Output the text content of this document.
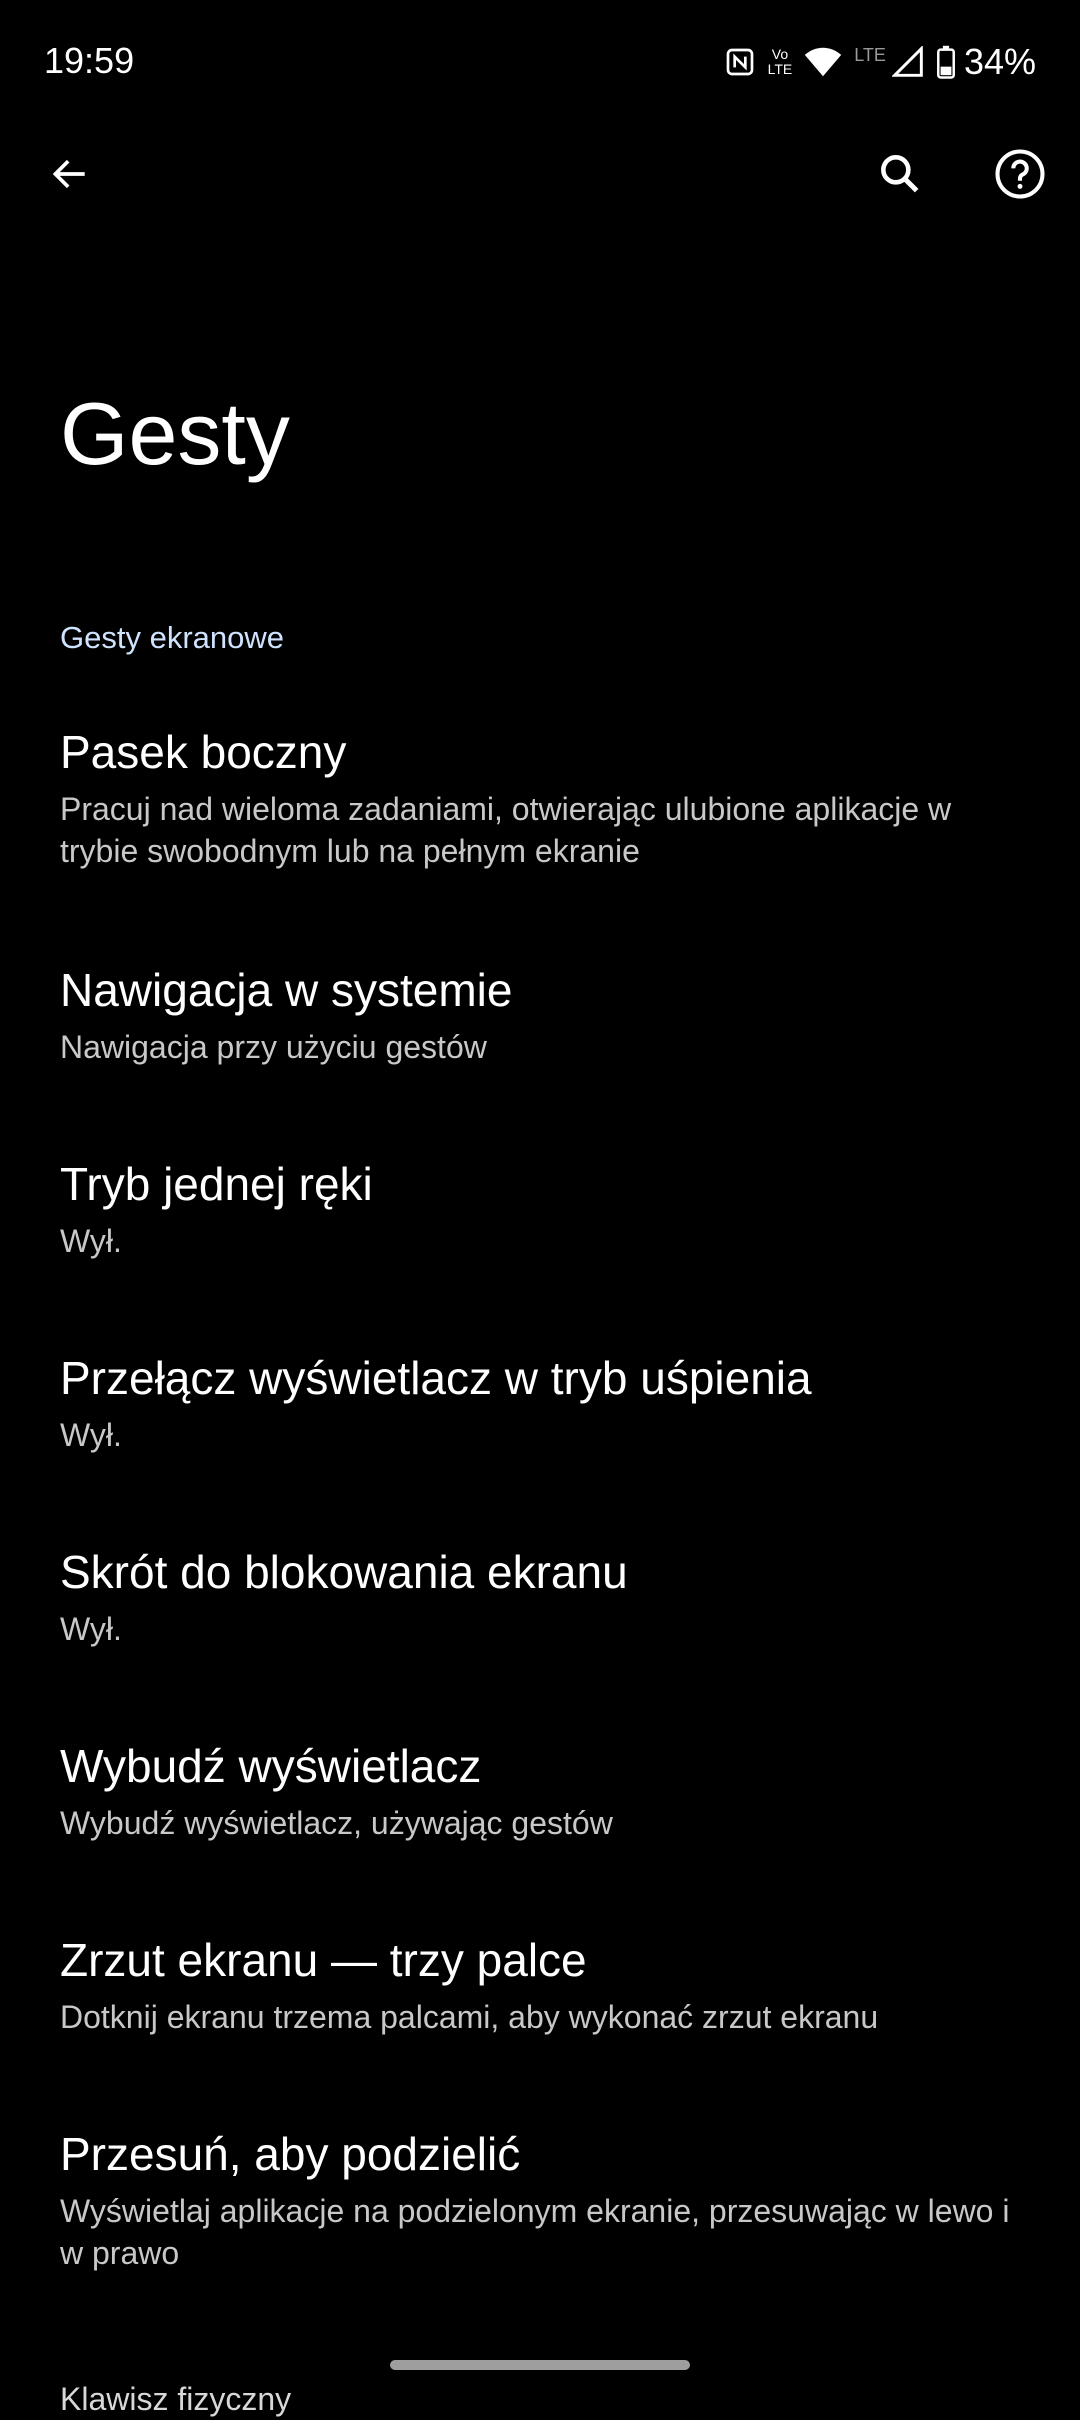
19:59	Vo
LTE
LTE 34%
Gesty
Gesty ekranowe
Pasek boczny
Pracuj nad wieloma zadaniami, otwierając ulubione aplikacje w trybie swobodnym lub na pełnym ekranie
Nawigacja w systemie
Nawigacja przy użyciu gestów
Tryb jednej ręki
Wył.
Przełącz wyświetlacz w tryb uśpienia
Wył.
Skrót do blokowania ekranu
Wył.
Wybudź wyświetlacz
Wybudź wyświetlacz, używając gestów
Zrzut ekranu — trzy palce
Dotknij ekranu trzema palcami, aby wykonać zrzut ekranu
Przesuń, aby podzielić
Wyświetlaj aplikacje na podzielonym ekranie, przesuwając w lewo i w prawo
Klawisz fizyczny
